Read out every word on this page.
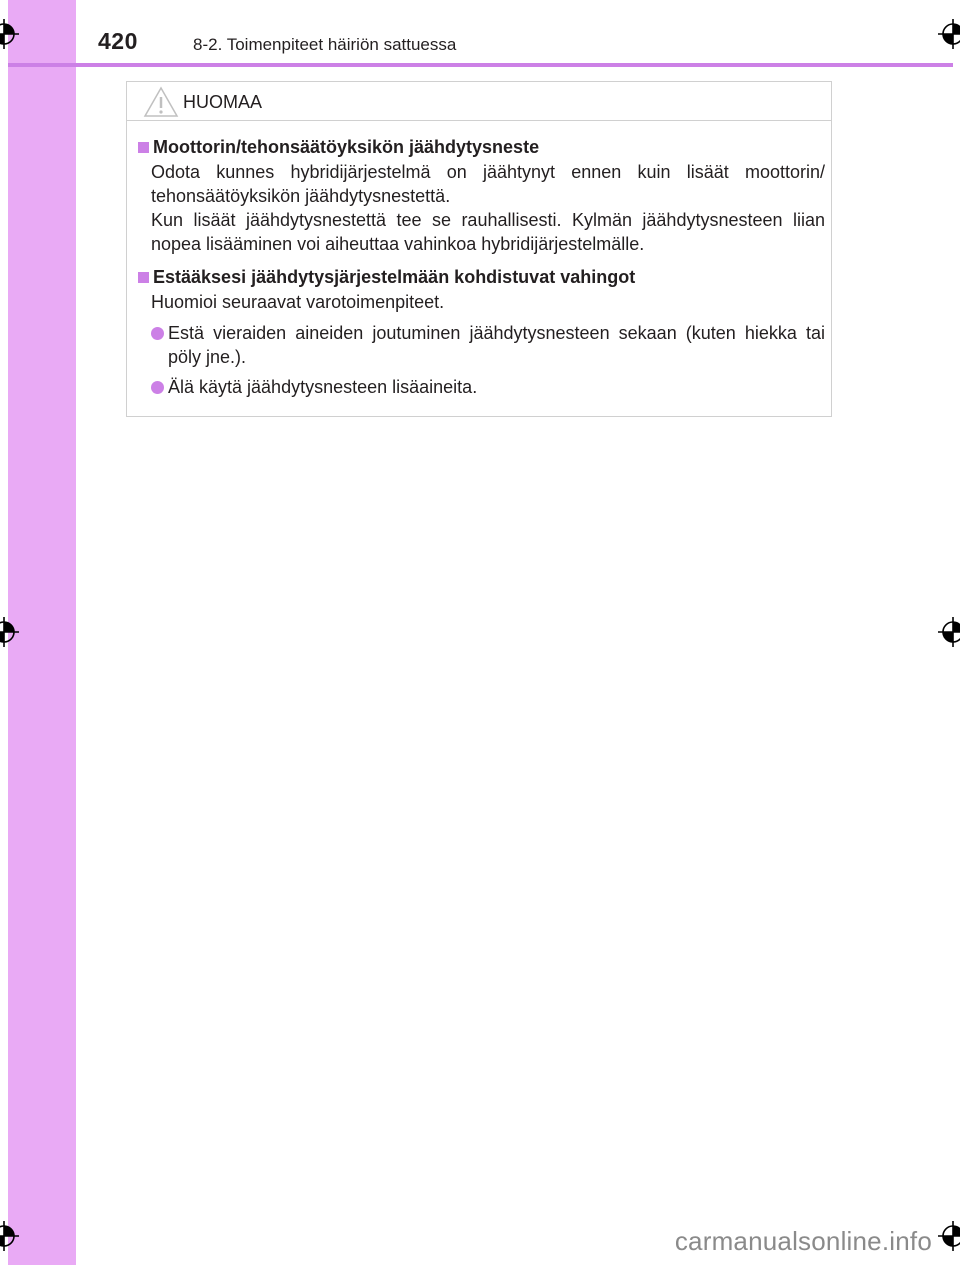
420	8-2. Toimenpiteet häiriön sattuessa
HUOMAA
Moottorin/tehonsäätöyksikön jäähdytysneste

Odota kunnes hybridijärjestelmä on jäähtynyt ennen kuin lisäät moottorin/ tehonsäätöyksikön jäähdytysnestettä.

Kun lisäät jäähdytysnestettä tee se rauhallisesti. Kylmän jäähdytysnesteen liian nopea lisääminen voi aiheuttaa vahinkoa hybridijärjestelmälle.

Estääksesi jäähdytysjärjestelmään kohdistuvat vahingot

Huomioi seuraavat varotoimenpiteet.

Estä vieraiden aineiden joutuminen jäähdytysnesteen sekaan (kuten hiekka tai pöly jne.).
Älä käytä jäähdytysnesteen lisäaineita.
carmanualsonline.info
